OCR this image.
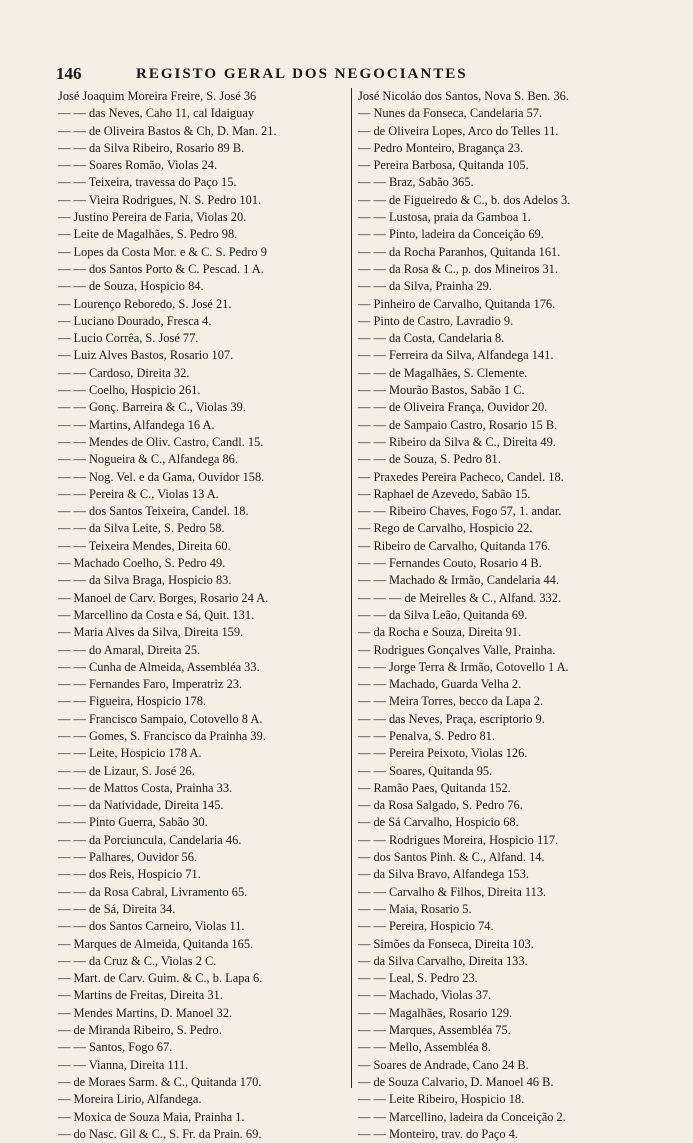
146	REGISTO GERAL DOS NEGOCIANTES
José Joaquim Moreira Freire, S. José 36
— — das Neves, Caho 11, cal Idaiguay
— — de Oliveira Bastos & Ch, D. Man. 21.
— — da Silva Ribeiro, Rosario 89 B.
— — Soares Romão, Violas 24.
— — Teixeira, travessa do Paço 15.
— — Vieira Rodrigues, N. S. Pedro 101.
— Justino Pereira de Faria, Violas 20.
— Leite de Magalhães, S. Pedro 98.
— Lopes da Costa Mor. e & C. S. Pedro 9
— — dos Santos Porto & C. Pescad. 1 A.
— — de Souza, Hospicio 84.
— Lourenço Reboredo, S. José 21.
— Luciano Dourado, Fresca 4.
— Lucio Corrêa, S. José 77.
— Luiz Alves Bastos, Rosario 107.
— — Cardoso, Direita 32.
— — Coelho, Hospicio 261.
— — Gonç. Barreira & C., Violas 39.
— — Martins, Alfandega 16 A.
— — Mendes de Oliv. Castro, Candl. 15.
— — Nogueira & C., Alfandega 86.
— — Nog. Vel. e da Gama, Ouvidor 158.
— — Pereira & C., Violas 13 A.
— — dos Santos Teixeira, Candel. 18.
— — da Silva Leite, S. Pedro 58.
— — Teixeira Mendes, Direita 60.
— Machado Coelho, S. Pedro 49.
— — da Silva Braga, Hospicio 83.
— Manoel de Carv. Borges, Rosario 24 A.
— Marcellino da Costa e Sá, Quit. 131.
— Maria Alves da Silva, Direita 159.
— — do Amaral, Direita 25.
— — Cunha de Almeida, Assembléa 33.
— — Fernandes Faro, Imperatriz 23.
— — Figueira, Hospicio 178.
— — Francisco Sampaio, Cotovello 8 A.
— — Gomes, S. Francisco da Prainha 39.
— — Leite, Hospicio 178 A.
— — de Lizaur, S. José 26.
— — de Mattos Costa, Prainha 33.
— — da Natividade, Direita 145.
— — Pinto Guerra, Sabão 30.
— — da Porciuncula, Candelaria 46.
— — Palhares, Ouvidor 56.
— — dos Reis, Hospicio 71.
— — da Rosa Cabral, Livramento 65.
— — de Sá, Direita 34.
— — dos Santos Carneiro, Violas 11.
— Marques de Almeida, Quitanda 165.
— — da Cruz & C., Violas 2 C.
— Mart. de Carv. Guim. & C., b. Lapa 6.
— Martins de Freitas, Direita 31.
— Mendes Martins, D. Manoel 32.
— de Miranda Ribeiro, S. Pedro.
— — Santos, Fogo 67.
— — Vianna, Direita 111.
— de Moraes Sarm. & C., Quitanda 170.
— Moreira Lirio, Alfandega.
— Moxica de Souza Maia, Prainha 1.
— do Nasc. Gil & C., S. Fr. da Prain. 69.
José Nicoláo dos Santos, Nova S. Ben. 36.
— Nunes da Fonseca, Candelaria 57.
— de Oliveira Lopes, Arco do Telles 11.
— Pedro Monteiro, Bragança 23.
— Pereira Barbosa, Quitanda 105.
— — Braz, Sabão 365.
— — de Figueiredo & C., b. dos Adelos 3.
— — Lustosa, praia da Gamboa 1.
— — Pinto, ladeira da Conceição 69.
— — da Rocha Paranhos, Quitanda 161.
— — da Rosa & C., p. dos Mineiros 31.
— — da Silva, Prainha 29.
— Pinheiro de Carvalho, Quitanda 176.
— Pinto de Castro, Lavradio 9.
— — da Costa, Candelaria 8.
— — Ferreira da Silva, Alfandega 141.
— — de Magalhães, S. Clemente.
— — Mourão Bastos, Sabão 1 C.
— — de Oliveira França, Ouvidor 20.
— — de Sampaio Castro, Rosario 15 B.
— — Ribeiro da Silva & C., Direita 49.
— — de Souza, S. Pedro 81.
— Praxedes Pereira Pacheco, Candel. 18.
— Raphael de Azevedo, Sabão 15.
— — Ribeiro Chaves, Fogo 57, 1. andar.
— Rego de Carvalho, Hospicio 22.
— Ribeiro de Carvalho, Quitanda 176.
— — Fernandes Couto, Rosario 4 B.
— — Machado & Irmão, Candelaria 44.
— — — de Meirelles & C., Alfand. 332.
— — da Silva Leão, Quitanda 69.
— da Rocha e Souza, Direita 91.
— Rodrigues Gonçalves Valle, Prainha.
— — Jorge Terra & Irmão, Cotovello 1 A.
— — Machado, Guarda Velha 2.
— — Meira Torres, becco da Lapa 2.
— — das Neves, Praça, escriptorio 9.
— — Penalva, S. Pedro 81.
— — Pereira Peixoto, Violas 126.
— — Soares, Quitanda 95.
— Ramão Paes, Quitanda 152.
— da Rosa Salgado, S. Pedro 76.
— de Sá Carvalho, Hospicio 68.
— — Rodrigues Moreira, Hospicio 117.
— dos Santos Pinh. & C., Alfand. 14.
— da Silva Bravo, Alfandega 153.
— — Carvalho & Filhos, Direita 113.
— — Maia, Rosario 5.
— — Pereira, Hospicio 74.
— Simões da Fonseca, Direita 103.
— da Silva Carvalho, Direita 133.
— — Leal, S. Pedro 23.
— — Machado, Violas 37.
— — Magalhães, Rosario 129.
— — Marques, Assembléa 75.
— — Mello, Assembléa 8.
— Soares de Andrade, Cano 24 B.
— de Souza Calvario, D. Manoel 46 B.
— — Leite Ribeiro, Hospicio 18.
— — Marcellino, ladeira da Conceição 2.
— — Monteiro, trav. do Paço 4.
